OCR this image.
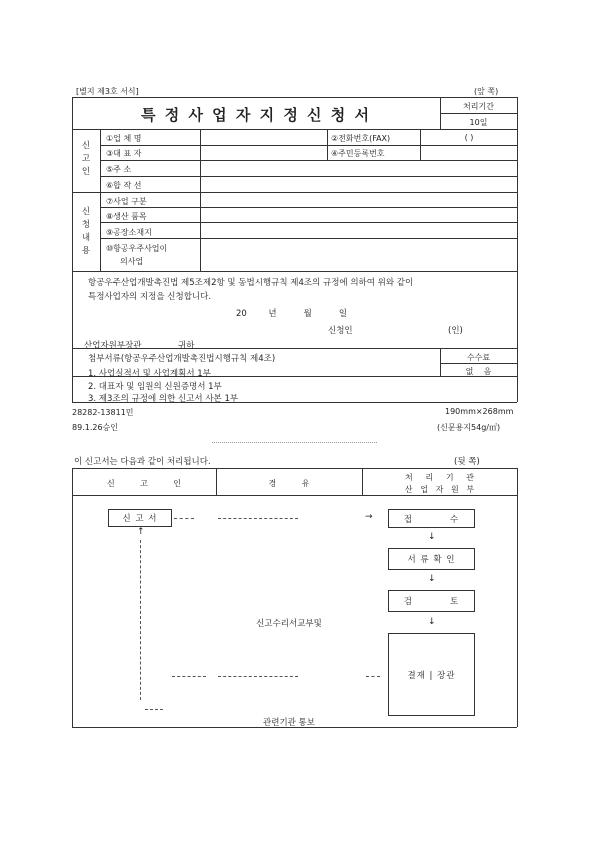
[별지 제3호 서식]	(앞 쪽)
특 정 사 업 자 지 정 신 청 서	처리기간
10일
신
고
인
①업 체 명	②전화번호(FAX)	( )
③대 표 자	④주민등록번호
⑤주 소
⑥합 작 선
신
청
내
용
⑦사업 구분
⑧생산 품목
⑨공장소재지
⑩항공우주사업이
의사업
항공우주산업개발촉진법 제5조제2항 및 동법시행규칙 제4조의 규정에 의하여 위와 같이
특정사업자의 지정을 신청합니다.
20        년          월          일
신청인	(인)
산업자원부장관	귀하
첨부서류(항공우주산업개발촉진법시행규칙 제4조)	수수료
없    음
1. 사업실적서 및 사업계획서 1부
2. 대표자 및 임원의 신원증명서 1부
3. 제3조의 규정에 의한 신고서 사본 1부
28282-13811민	190mm×268mm
89.1.26승인	(신문용지54g/㎡)
이 신고서는 다음과 같이 처리됩니다.	(뒷 쪽)
신          고          인	경          유
처     리     기     관
산   업   자   원   부
신 고 서
↑
→	접          수
↓
서 류 확 인
↓
검          토
↓
결재 | 장관
신고수리서교부및
관련기관 통보
